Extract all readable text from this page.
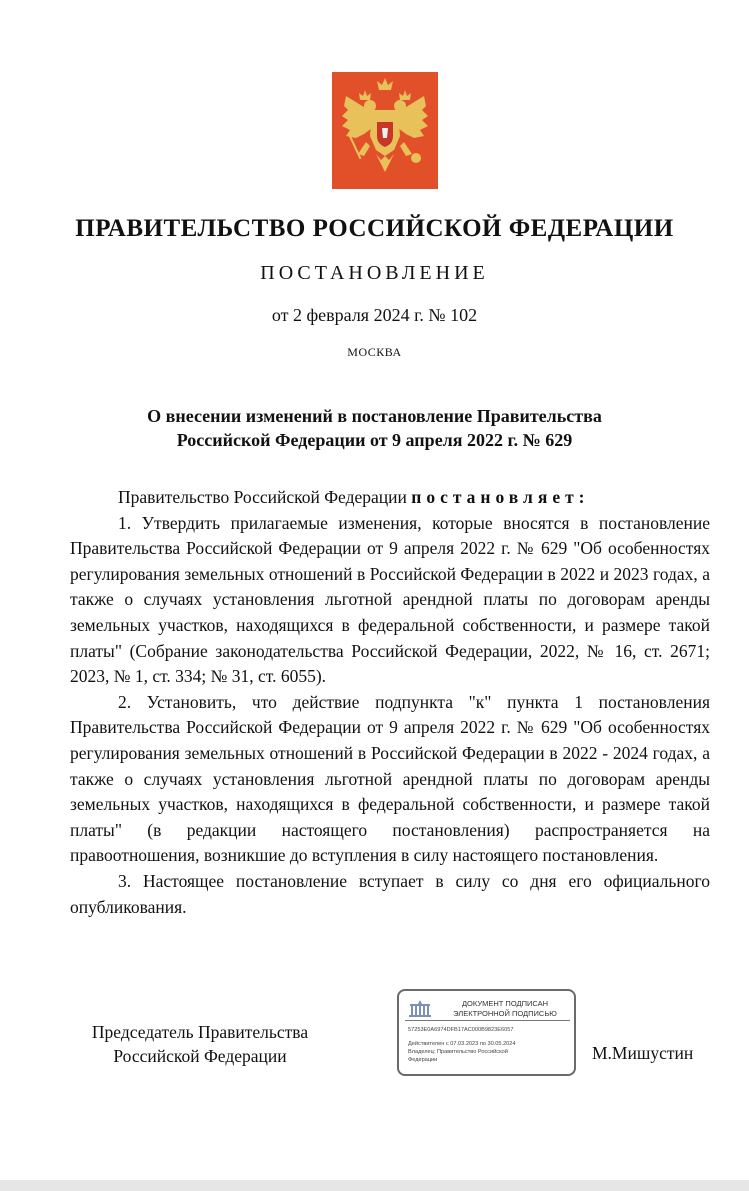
ПРАВИТЕЛЬСТВО РОССИЙСКОЙ ФЕДЕРАЦИИ
ПОСТАНОВЛЕНИЕ
от 2 февраля 2024 г. № 102
МОСКВА
О внесении изменений в постановление Правительства
Российской Федерации от 9 апреля 2022 г. № 629

Правительство Российской Федерации постановляет:

1. Утвердить прилагаемые изменения, которые вносятся в постановление Правительства Российской Федерации от 9 апреля 2022 г. № 629 "Об особенностях регулирования земельных отношений в Российской Федерации в 2022 и 2023 годах, а также о случаях установления льготной арендной платы по договорам аренды земельных участков, находящихся в федеральной собственности, и размере такой платы" (Собрание законодательства Российской Федерации, 2022, № 16, ст. 2671; 2023, № 1, ст. 334; № 31, ст. 6055).

2. Установить, что действие подпункта "к" пункта 1 постановления Правительства Российской Федерации от 9 апреля 2022 г. № 629 "Об особенностях регулирования земельных отношений в Российской Федерации в 2022 - 2024 годах, а также о случаях установления льготной арендной платы по договорам аренды земельных участков, находящихся в федеральной собственности, и размере такой платы" (в редакции настоящего постановления) распространяется на правоотношения, возникшие до вступления в силу настоящего постановления.

3. Настоящее постановление вступает в силу со дня его официального опубликования.

Председатель Правительства
Российской Федерации
ДОКУМЕНТ ПОДПИСАН
ЭЛЕКТРОННОЙ ПОДПИСЬЮ
57253E0A6974DFB17AC000B9823E6057
Действителен с 07.03.2023 по 30.05.2024
Владелец: Правительство Российской
Федерации	М.Мишустин
